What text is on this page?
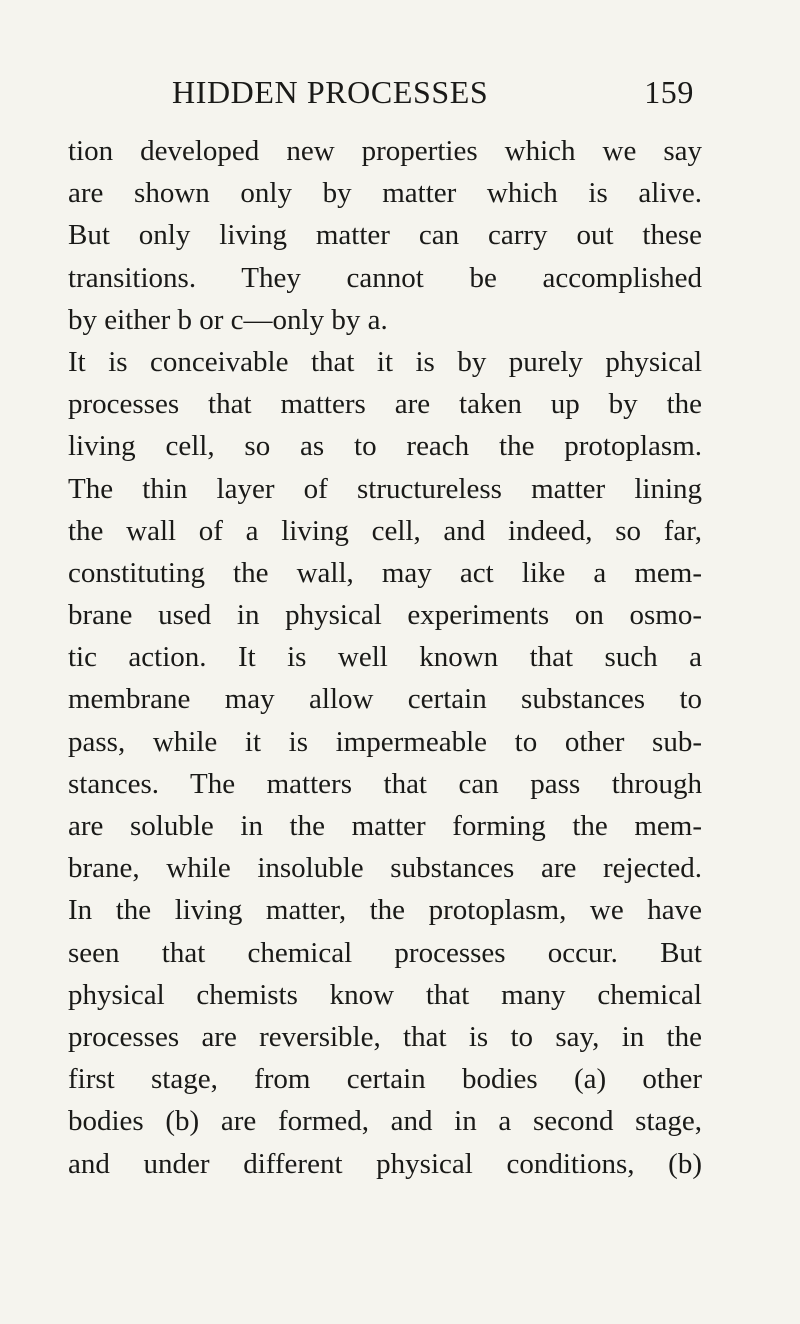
HIDDEN PROCESSES	159
tion developed new properties which we say
are shown only by matter which is alive.
But only living matter can carry out these
transitions. They cannot be accomplished
by either b or c—only by a.
It is conceivable that it is by purely physical
processes that matters are taken up by the
living cell, so as to reach the protoplasm.
The thin layer of structureless matter lining
the wall of a living cell, and indeed, so far,
constituting the wall, may act like a mem-
brane used in physical experiments on osmo-
tic action. It is well known that such a
membrane may allow certain substances to
pass, while it is impermeable to other sub-
stances. The matters that can pass through
are soluble in the matter forming the mem-
brane, while insoluble substances are rejected.
In the living matter, the protoplasm, we have
seen that chemical processes occur. But
physical chemists know that many chemical
processes are reversible, that is to say, in the
first stage, from certain bodies (a) other
bodies (b) are formed, and in a second stage,
and under different physical conditions, (b)
